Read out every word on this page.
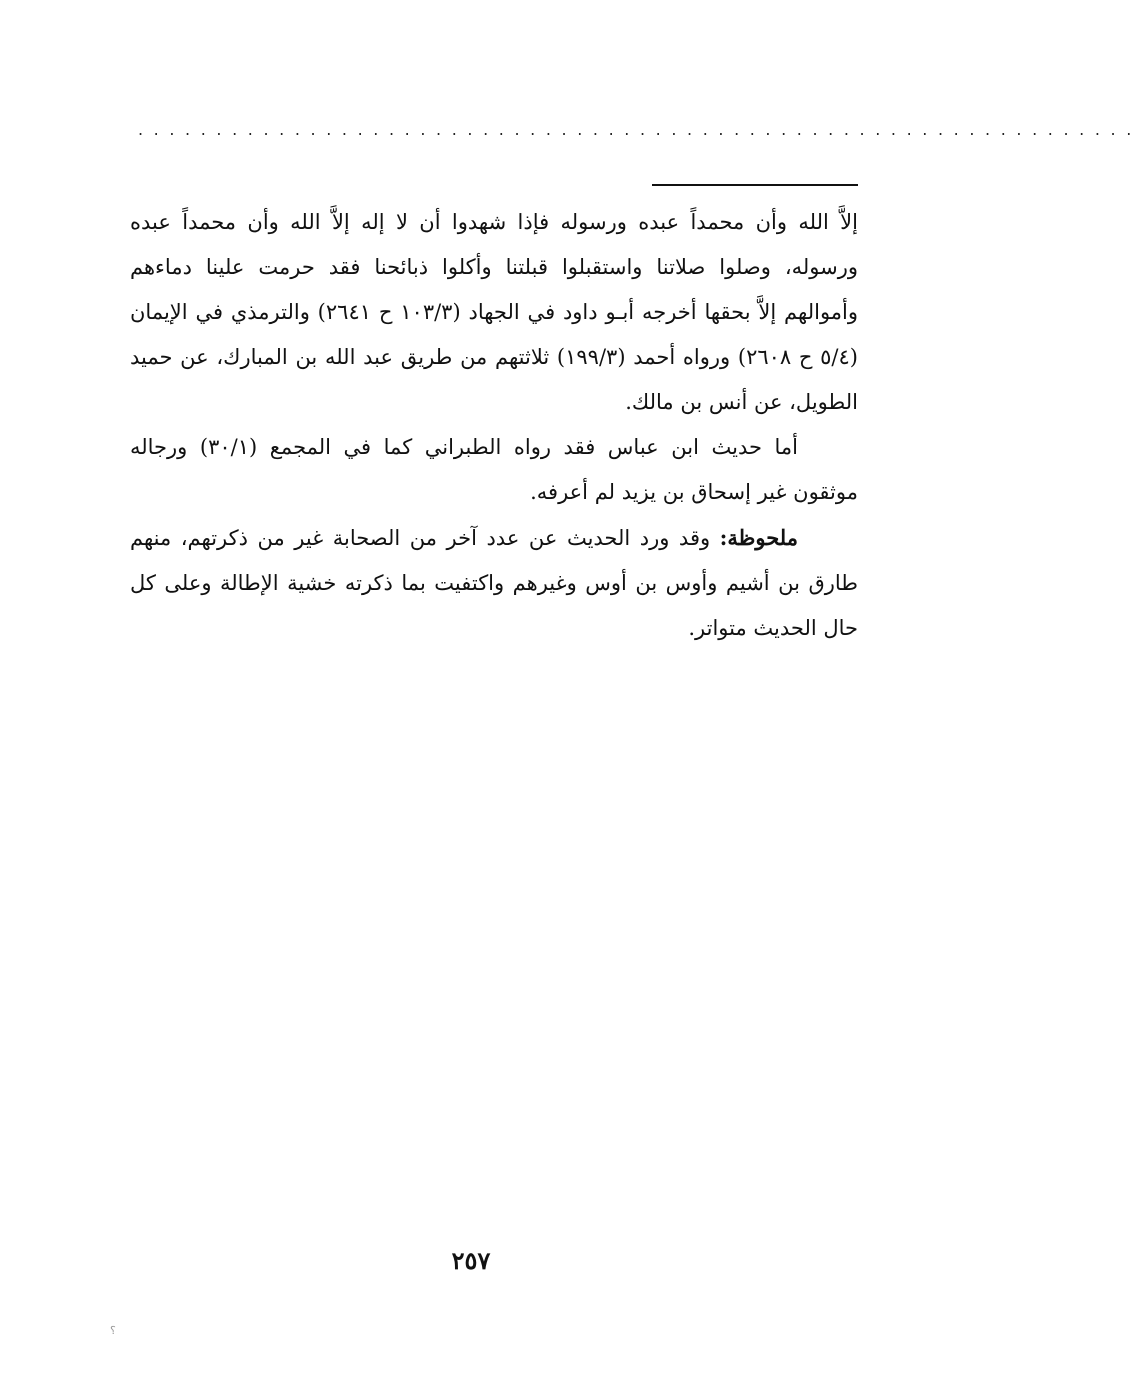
................................................................

إلاَّ الله وأن محمداً عبده ورسوله فإذا شهدوا أن لا إله إلاَّ الله وأن محمداً عبده ورسوله، وصلوا صلاتنا واستقبلوا قبلتنا وأكلوا ذبائحنا فقد حرمت علينا دماءهم وأموالهم إلاَّ بحقها أخرجه أبـو داود في الجهاد (١٠٣/٣ ح ٢٦٤١) والترمذي في الإيمان (٥/٤ ح ٢٦٠٨) ورواه أحمد (١٩٩/٣) ثلاثتهم من طريق عبد الله بن المبارك، عن حميد الطويل، عن أنس بن مالك.

أما حديث ابن عباس فقد رواه الطبراني كما في المجمع (٣٠/١) ورجاله موثقون غير إسحاق بن يزيد لم أعرفه.

ملحوظة: وقد ورد الحديث عن عدد آخر من الصحابة غير من ذكرتهم، منهم طارق بن أشيم وأوس بن أوس وغيرهم واكتفيت بما ذكرته خشية الإطالة وعلى كل حال الحديث متواتر.

٢٥٧
؟
